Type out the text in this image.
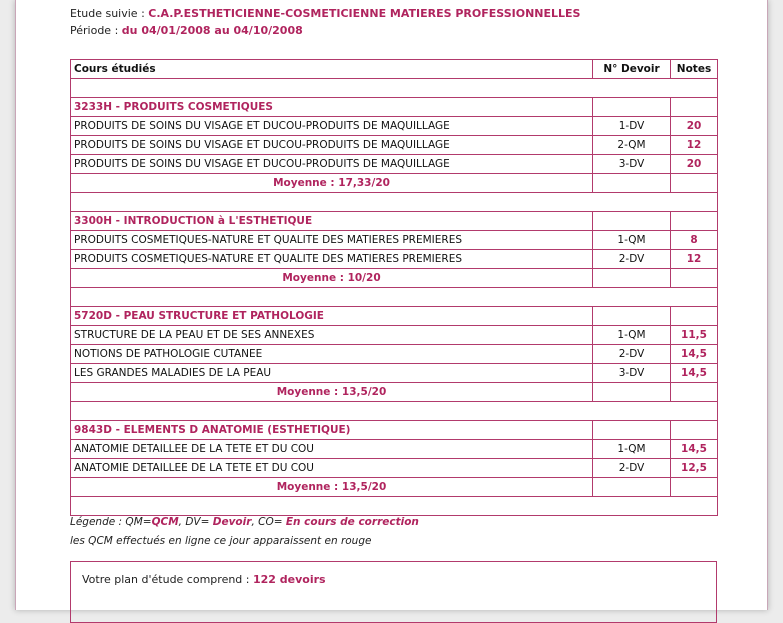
Etude suivie : C.A.P.ESTHETICIENNE-COSMETICIENNE MATIERES PROFESSIONNELLES
Période : du 04/01/2008 au 04/10/2008
Cours étudiés	N° Devoir	Notes

3233H - PRODUITS COSMETIQUES		
PRODUITS DE SOINS DU VISAGE ET DUCOU-PRODUITS DE MAQUILLAGE	1-DV	20
PRODUITS DE SOINS DU VISAGE ET DUCOU-PRODUITS DE MAQUILLAGE	2-QM	12
PRODUITS DE SOINS DU VISAGE ET DUCOU-PRODUITS DE MAQUILLAGE	3-DV	20
Moyenne : 17,33/20		

3300H - INTRODUCTION à L'ESTHETIQUE		
PRODUITS COSMETIQUES-NATURE ET QUALITE DES MATIERES PREMIERES	1-QM	8
PRODUITS COSMETIQUES-NATURE ET QUALITE DES MATIERES PREMIERES	2-DV	12
Moyenne : 10/20		

5720D - PEAU STRUCTURE ET PATHOLOGIE		
STRUCTURE DE LA PEAU ET DE SES ANNEXES	1-QM	11,5
NOTIONS DE PATHOLOGIE CUTANEE	2-DV	14,5
LES GRANDES MALADIES DE LA PEAU	3-DV	14,5
Moyenne : 13,5/20		

9843D - ELEMENTS D ANATOMIE (ESTHETIQUE)		
ANATOMIE DETAILLEE DE LA TETE ET DU COU	1-QM	14,5
ANATOMIE DETAILLEE DE LA TETE ET DU COU	2-DV	12,5
Moyenne : 13,5/20		

Légende : QM=QCM, DV= Devoir, CO= En cours de correction
les QCM effectués en ligne ce jour apparaissent en rouge
Votre plan d'étude comprend : 122 devoirs
